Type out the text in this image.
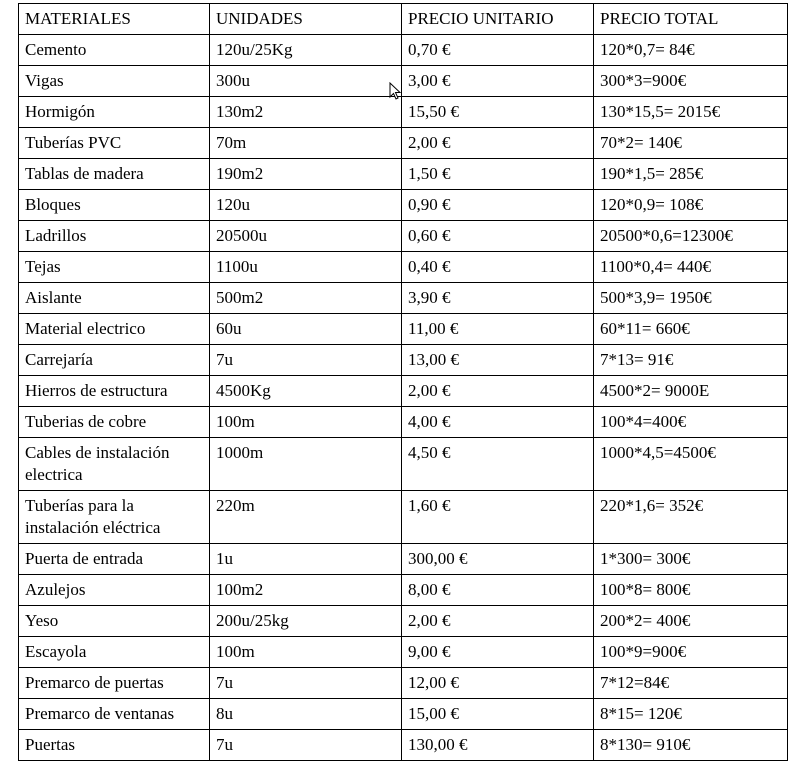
MATERIALES	UNIDADES	PRECIO UNITARIO	PRECIO TOTAL
Cemento	120u/25Kg	0,70 €	120*0,7= 84€
Vigas	300u	3,00 €	300*3=900€
Hormigón	130m2	15,50 €	130*15,5= 2015€
Tuberías PVC	70m	2,00 €	70*2= 140€
Tablas de madera	190m2	1,50 €	190*1,5= 285€
Bloques	120u	0,90 €	120*0,9= 108€
Ladrillos	20500u	0,60 €	20500*0,6=12300€
Tejas	1100u	0,40 €	1100*0,4= 440€
Aislante	500m2	3,90 €	500*3,9= 1950€
Material electrico	60u	11,00 €	60*11= 660€
Carrejaría	7u	13,00 €	7*13= 91€
Hierros de estructura	4500Kg	2,00 €	4500*2= 9000E
Tuberias de cobre	100m	4,00 €	100*4=400€
Cables de instalación electrica	1000m	4,50 €	1000*4,5=4500€
Tuberías para la instalación eléctrica	220m	1,60 €	220*1,6= 352€
Puerta de entrada	1u	300,00 €	1*300= 300€
Azulejos	100m2	8,00 €	100*8= 800€
Yeso	200u/25kg	2,00 €	200*2= 400€
Escayola	100m	9,00 €	100*9=900€
Premarco de puertas	7u	12,00 €	7*12=84€
Premarco de ventanas	8u	15,00 €	8*15= 120€
Puertas	7u	130,00 €	8*130= 910€
